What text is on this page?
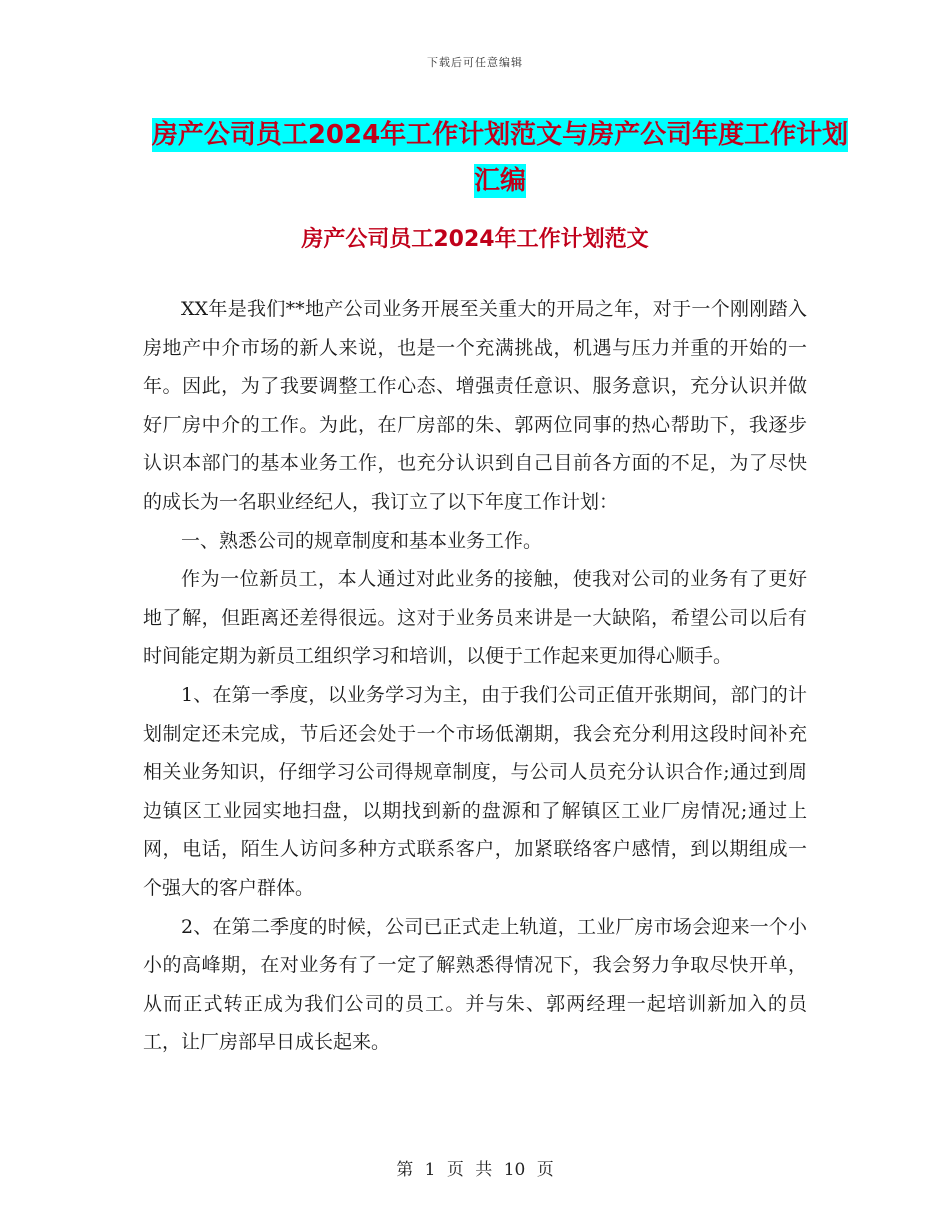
下载后可任意编辑
房产公司员工2024年工作计划范文与房产公司年度工作计划汇编
房产公司员工2024年工作计划范文

XX年是我们**地产公司业务开展至关重大的开局之年，对于一个刚刚踏入房地产中介市场的新人来说，也是一个充满挑战，机遇与压力并重的开始的一年。因此，为了我要调整工作心态、增强责任意识、服务意识，充分认识并做好厂房中介的工作。为此，在厂房部的朱、郭两位同事的热心帮助下，我逐步认识本部门的基本业务工作，也充分认识到自己目前各方面的不足，为了尽快的成长为一名职业经纪人，我订立了以下年度工作计划：

一、熟悉公司的规章制度和基本业务工作。

作为一位新员工，本人通过对此业务的接触，使我对公司的业务有了更好地了解，但距离还差得很远。这对于业务员来讲是一大缺陷，希望公司以后有时间能定期为新员工组织学习和培训，以便于工作起来更加得心顺手。

1、在第一季度，以业务学习为主，由于我们公司正值开张期间，部门的计划制定还未完成，节后还会处于一个市场低潮期，我会充分利用这段时间补充相关业务知识，仔细学习公司得规章制度，与公司人员充分认识合作;通过到周边镇区工业园实地扫盘，以期找到新的盘源和了解镇区工业厂房情况;通过上网，电话，陌生人访问多种方式联系客户，加紧联络客户感情，到以期组成一个强大的客户群体。

2、在第二季度的时候，公司已正式走上轨道，工业厂房市场会迎来一个小小的高峰期，在对业务有了一定了解熟悉得情况下，我会努力争取尽快开单，从而正式转正成为我们公司的员工。并与朱、郭两经理一起培训新加入的员工，让厂房部早日成长起来。

第 1 页 共 10 页
